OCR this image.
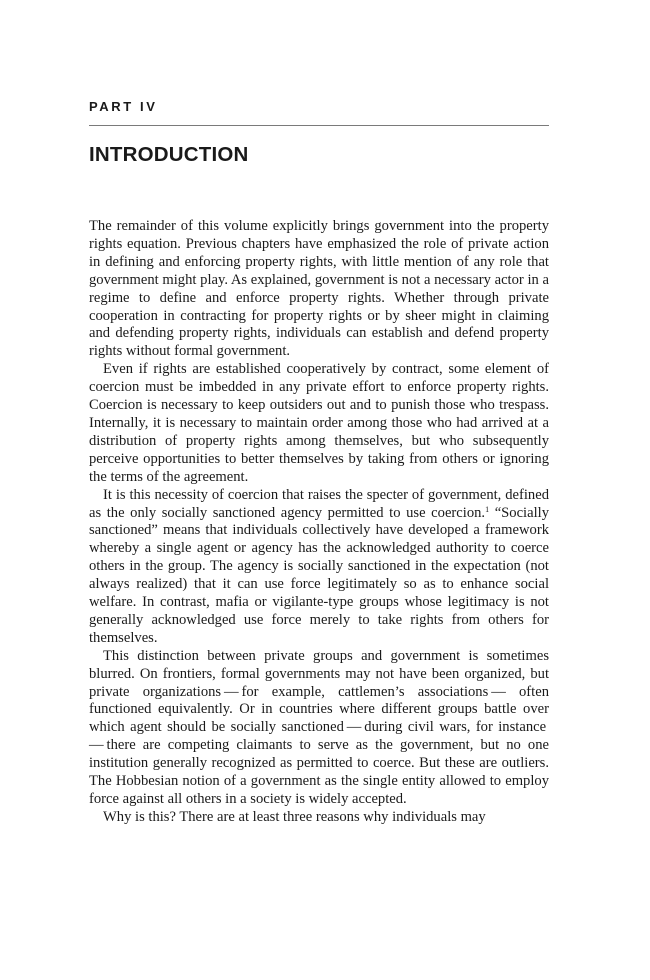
PART IV
INTRODUCTION

The remainder of this volume explicitly brings government into the property rights equation. Previous chapters have emphasized the role of private action in defining and enforcing property rights, with little mention of any role that government might play. As explained, government is not a necessary actor in a regime to define and enforce property rights. Whether through private cooperation in contracting for property rights or by sheer might in claiming and defending property rights, individuals can establish and defend property rights without formal government.

Even if rights are established cooperatively by contract, some element of coercion must be imbedded in any private effort to enforce property rights. Coercion is necessary to keep outsiders out and to punish those who trespass. Internally, it is necessary to maintain order among those who had arrived at a distribution of property rights among themselves, but who subsequently perceive opportunities to better themselves by taking from others or ignoring the terms of the agreement.

It is this necessity of coercion that raises the specter of government, defined as the only socially sanctioned agency permitted to use coercion.$^1$ “Socially sanctioned” means that individuals collectively have developed a framework whereby a single agent or agency has the acknowledged authority to coerce others in the group. The agency is socially sanctioned in the expectation (not always realized) that it can use force legitimately so as to enhance social welfare. In contrast, mafia or vigilante-type groups whose legitimacy is not generally acknowledged use force merely to take rights from others for themselves.

This distinction between private groups and government is sometimes blurred. On frontiers, formal governments may not have been organized, but private organizations — for example, cattlemen’s associations — often functioned equivalently. Or in countries where different groups battle over which agent should be socially sanctioned — during civil wars, for instance — there are competing claimants to serve as the government, but no one institution generally recognized as permitted to coerce. But these are outliers. The Hobbesian notion of a government as the single entity allowed to employ force against all others in a society is widely accepted.

Why is this? There are at least three reasons why individuals may
